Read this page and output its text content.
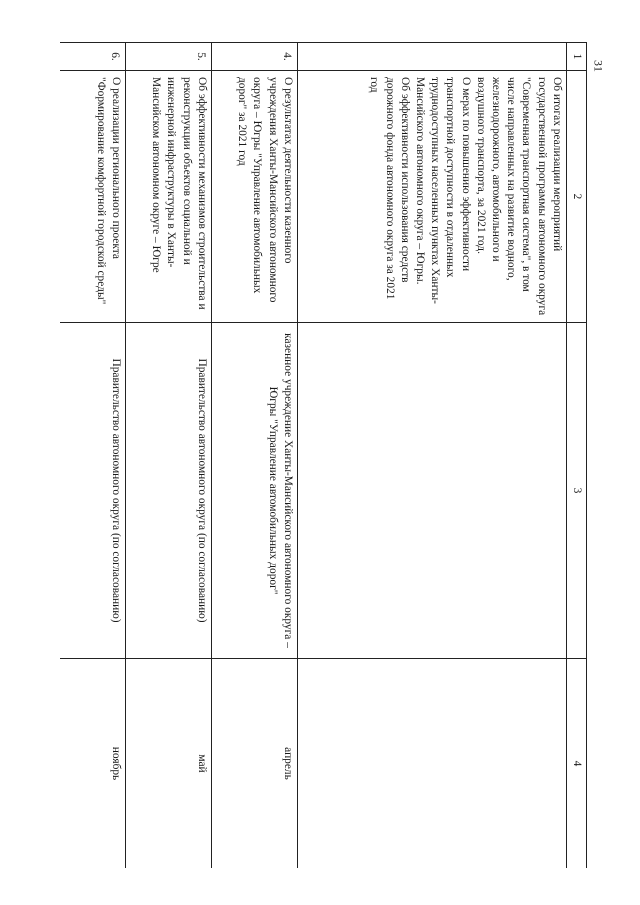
31
1	2	3	4

	Об итогах реализации мероприятий государственной программы автономного округа "Современная транспортная система", в том числе направленных на развитие водного, железнодорожного, автомобильного и воздушного транспорта, за 2021 год.
О мерах по повышению эффективности транспортной доступности в отдаленных труднодоступных населенных пунктах Ханты-Мансийского автономного округа – Югры.
Об эффективности использования средств дорожного фонда автономного округа за 2021 год		

4.	О результатах деятельности казенного учреждения Ханты-Мансийского автономного округа – Югры "Управление автомобильных дорог" за 2021 год	казенное учреждение Ханты-Мансийского автономного округа – Югры "Управление автомобильных дорог"	апрель
5.	Об эффективности механизмов строительства и реконструкции объектов социальной и инженерной инфраструктуры в Ханты-Мансийском автономном округе – Югре	Правительство автономного округа (по согласованию)	май
6.	О реализации регионального проекта "Формирование комфортной городской среды"	Правительство автономного округа (по согласованию)	ноябрь
